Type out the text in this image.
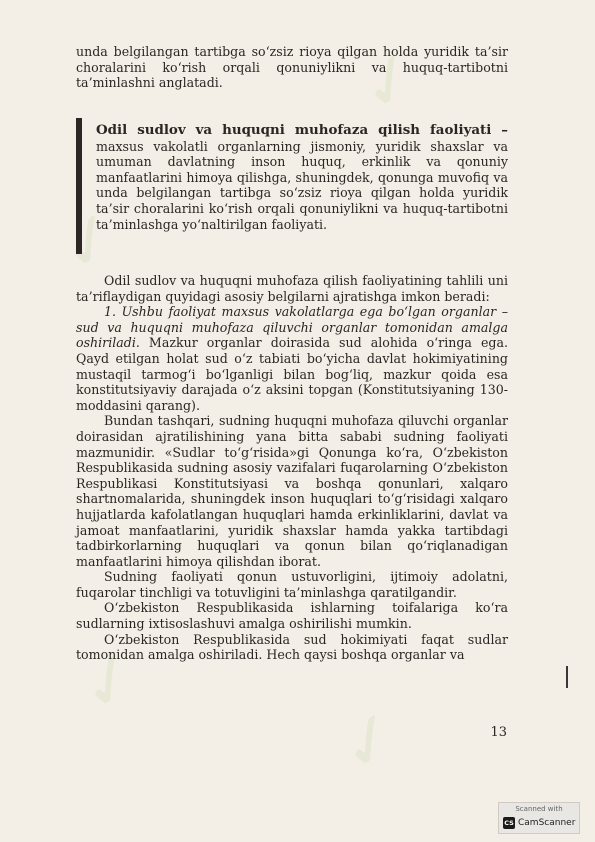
✓
✓
✓
✓

unda belgilangan tartibga so‘zsiz rioya qilgan holda yuridik ta’sir choralarini ko‘rish orqali qonuniylikni va huquq-tartibotni ta’minlashni anglatadi.

Odil sudlov va huquqni muhofaza qilish faoliyati – maxsus vakolatli organlarning jismoniy, yuridik shaxslar va umuman davlatning inson huquq, erkinlik va qonuniy manfaatlarini himoya qilishga, shuningdek, qonunga muvofiq va unda belgilangan tartibga so‘zsiz rioya qilgan holda yuridik ta’sir choralarini ko‘rish orqali qonuniylikni va huquq-tartibotni ta’minlashga yo‘naltirilgan faoliyati.

Odil sudlov va huquqni muhofaza qilish faoliyatining tahlili uni ta’riflaydigan quyidagi asosiy belgilarni ajratishga imkon beradi:

1. Ushbu faoliyat maxsus vakolatlarga ega bo‘lgan organlar – sud va huquqni muhofaza qiluvchi organlar tomonidan amalga oshiriladi. Mazkur organlar doirasida sud alohida o‘ringa ega. Qayd etilgan holat sud o‘z tabiati bo‘yicha davlat hokimiyatining mustaqil tarmog‘i bo‘lganligi bilan bog‘liq, mazkur qoida esa konstitutsiyaviy darajada o‘z aksini topgan (Konstitutsiyaning 130-moddasini qarang).

Bundan tashqari, sudning huquqni muhofaza qiluvchi organlar doirasidan ajratilishining yana bitta sababi sudning faoliyati mazmunidir. «Sudlar to‘g‘risida»gi Qonunga ko‘ra, O‘zbekiston Respublikasida sudning asosiy vazifalari fuqarolarning O‘zbekiston Respublikasi Konstitutsiyasi va boshqa qonunlari, xalqaro shartnomalarida, shuningdek inson huquqlari to‘g‘risidagi xalqaro hujjatlarda kafolatlangan huquqlari hamda erkinliklarini, davlat va jamoat manfaatlarini, yuridik shaxslar hamda yakka tartibdagi tadbirkorlarning huquqlari va qonun bilan qo‘riqlanadigan manfaatlarini himoya qilishdan iborat.

Sudning faoliyati qonun ustuvorligini, ijtimoiy adolatni, fuqarolar tinchligi va totuvligini ta’minlashga qaratilgandir.

O‘zbekiston Respublikasida ishlarning toifalariga ko‘ra sudlarning ixtisoslashuvi amalga oshirilishi mumkin.

O‘zbekiston Respublikasida sud hokimiyati faqat sudlar tomonidan amalga oshiriladi. Hech qaysi boshqa organlar va

13
Scanned with
CS CamScanner
